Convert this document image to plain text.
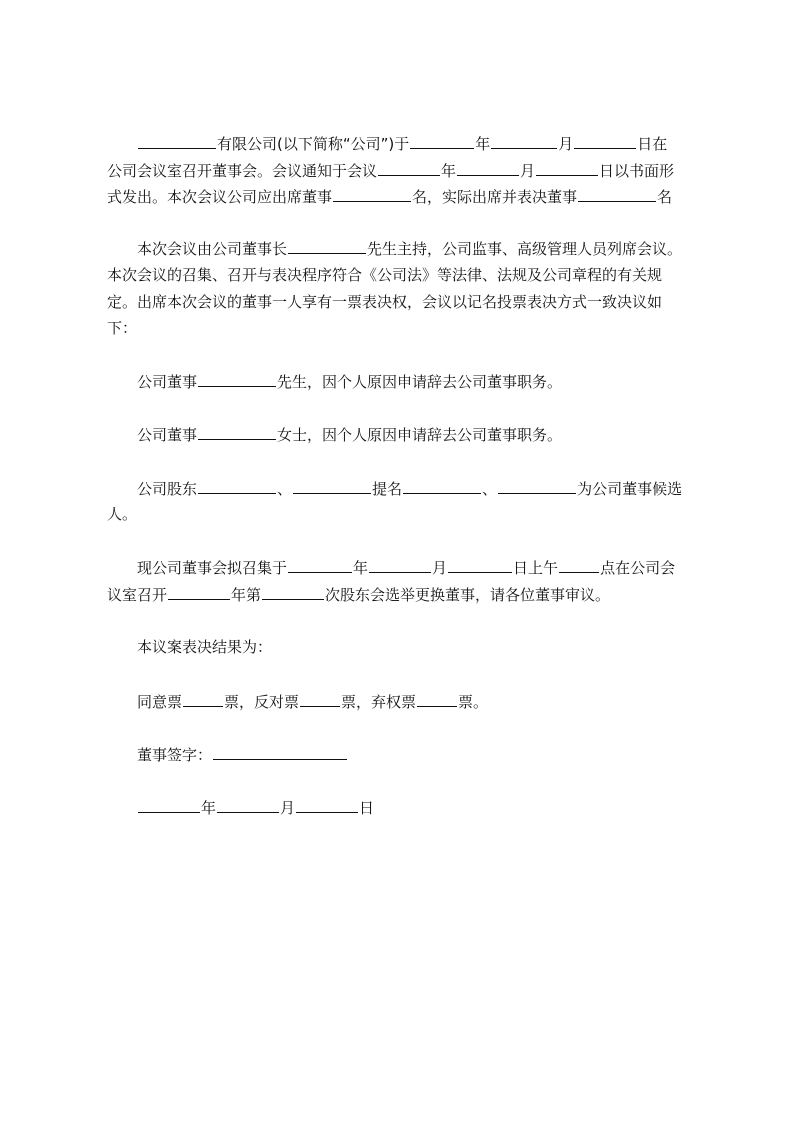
有限公司(以下简称“公司”)于	年	月	日在
公司会议室召开董事会。会议通知于会议	年	月	日以书面形
式发出。本次会议公司应出席董事	名，实际出席并表决董事	名
本次会议由公司董事长	先生主持，公司监事、高级管理人员列席会议。
本次会议的召集、召开与表决程序符合《公司法》等法律、法规及公司章程的有关规
定。出席本次会议的董事一人享有一票表决权，会议以记名投票表决方式一致决议如
下：
公司董事	先生，因个人原因申请辞去公司董事职务。
公司董事	女士，因个人原因申请辞去公司董事职务。
公司股东	、	提名	、	为公司董事候选
人。
现公司董事会拟召集于	年	月	日上午	点在公司会
议室召开	年第	次股东会选举更换董事，请各位董事审议。
本议案表决结果为：
同意票	票，反对票	票，弃权票	票。
董事签字：
年	月	日
